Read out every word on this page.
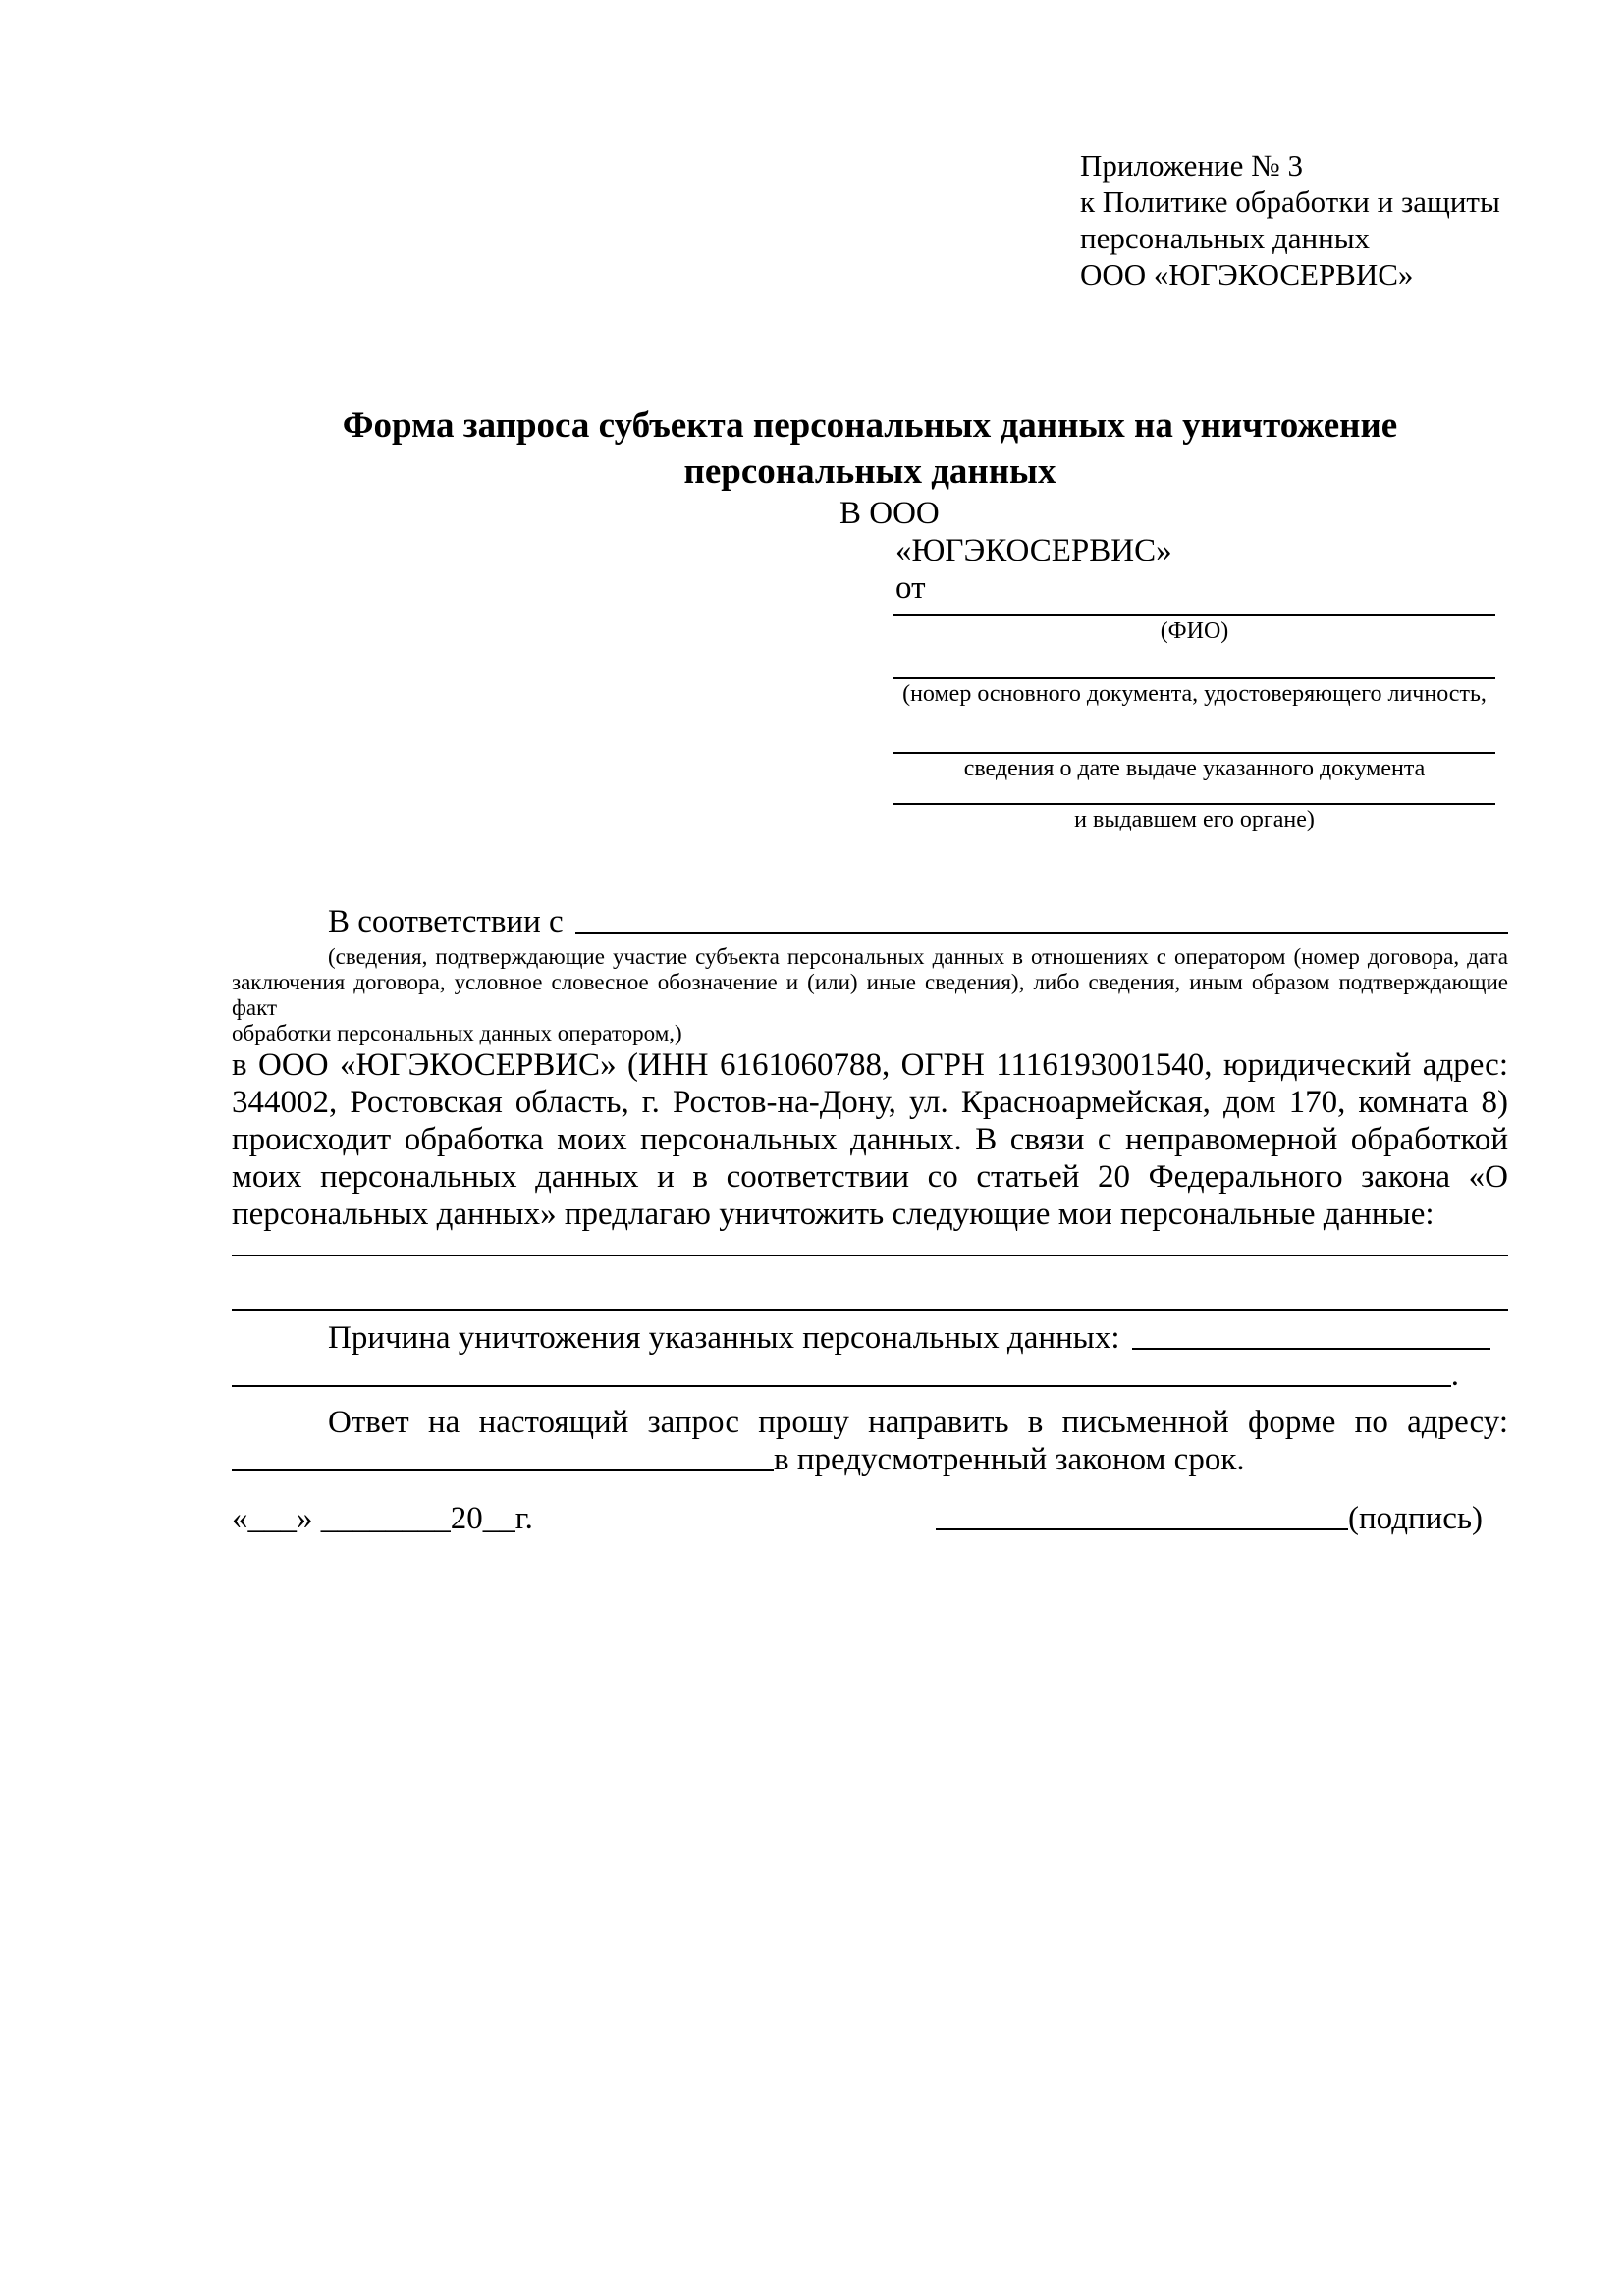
Приложение № 3
к Политике обработки и защиты
персональных данных
ООО «ЮГЭКОСЕРВИС»
Форма запроса субъекта персональных данных на уничтожение
персональных данных
В ООО
«ЮГЭКОСЕРВИС»
от
(ФИО)
(номер основного документа, удостоверяющего личность,
сведения о дате выдаче указанного документа
и выдавшем его органе)
В соответствии с
(сведения, подтверждающие участие субъекта персональных данных в отношениях с оператором (номер договора, дата
заключения договора, условное словесное обозначение и (или) иные сведения), либо сведения, иным образом подтверждающие факт
обработки персональных данных оператором,)
в ООО «ЮГЭКОСЕРВИС» (ИНН 6161060788, ОГРН 1116193001540, юридический адрес:
344002, Ростовская область, г. Ростов-на-Дону, ул. Красноармейская, дом 170, комната 8)
происходит обработка моих персональных данных. В связи с неправомерной обработкой
моих персональных данных и в соответствии со статьей 20 Федерального закона «О
персональных данных» предлагаю уничтожить следующие мои персональные данные:
Причина уничтожения указанных персональных данных:
.
Ответ на настоящий запрос прошу направить в письменной форме по адресу:
в предусмотренный законом срок.
«___» ________20__г.	(подпись)
